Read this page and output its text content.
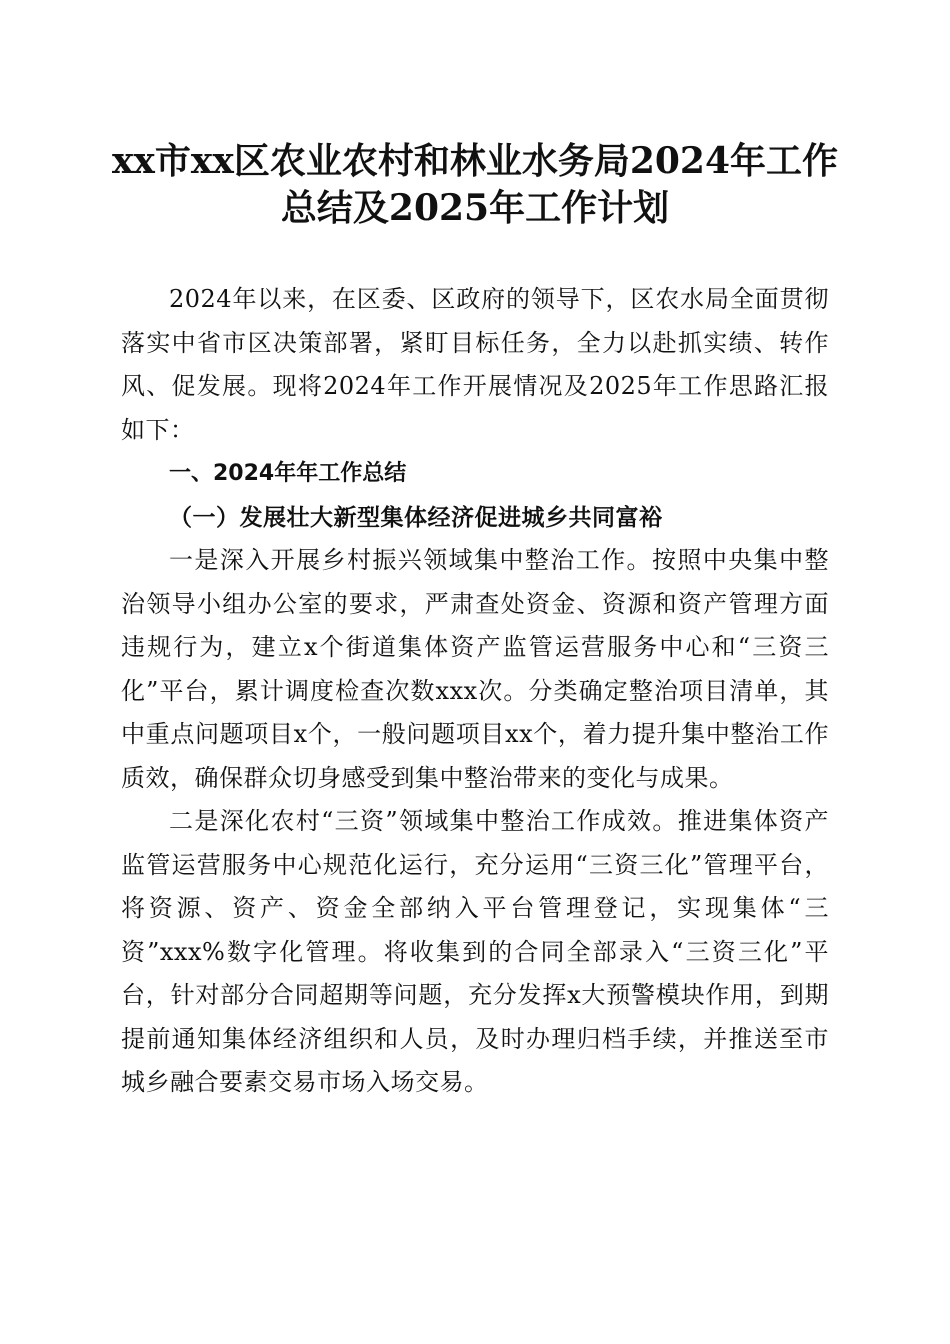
xx市xx区农业农村和林业水务局2024年工作
总结及2025年工作计划

2024年以来，在区委、区政府的领导下，区农水局全面贯彻落实中省市区决策部署，紧盯目标任务，全力以赴抓实绩、转作风、促发展。现将2024年工作开展情况及2025年工作思路汇报如下：

一、2024年年工作总结

（一）发展壮大新型集体经济促进城乡共同富裕

一是深入开展乡村振兴领域集中整治工作。按照中央集中整治领导小组办公室的要求，严肃查处资金、资源和资产管理方面违规行为，建立x个街道集体资产监管运营服务中心和“三资三化”平台，累计调度检查次数xxx次。分类确定整治项目清单，其中重点问题项目x个，一般问题项目xx个，着力提升集中整治工作质效，确保群众切身感受到集中整治带来的变化与成果。

二是深化农村“三资”领域集中整治工作成效。推进集体资产监管运营服务中心规范化运行，充分运用“三资三化”管理平台，将资源、资产、资金全部纳入平台管理登记，实现集体“三资”xxx%数字化管理。将收集到的合同全部录入“三资三化”平台，针对部分合同超期等问题，充分发挥x大预警模块作用，到期提前通知集体经济组织和人员，及时办理归档手续，并推送至市城乡融合要素交易市场入场交易。
